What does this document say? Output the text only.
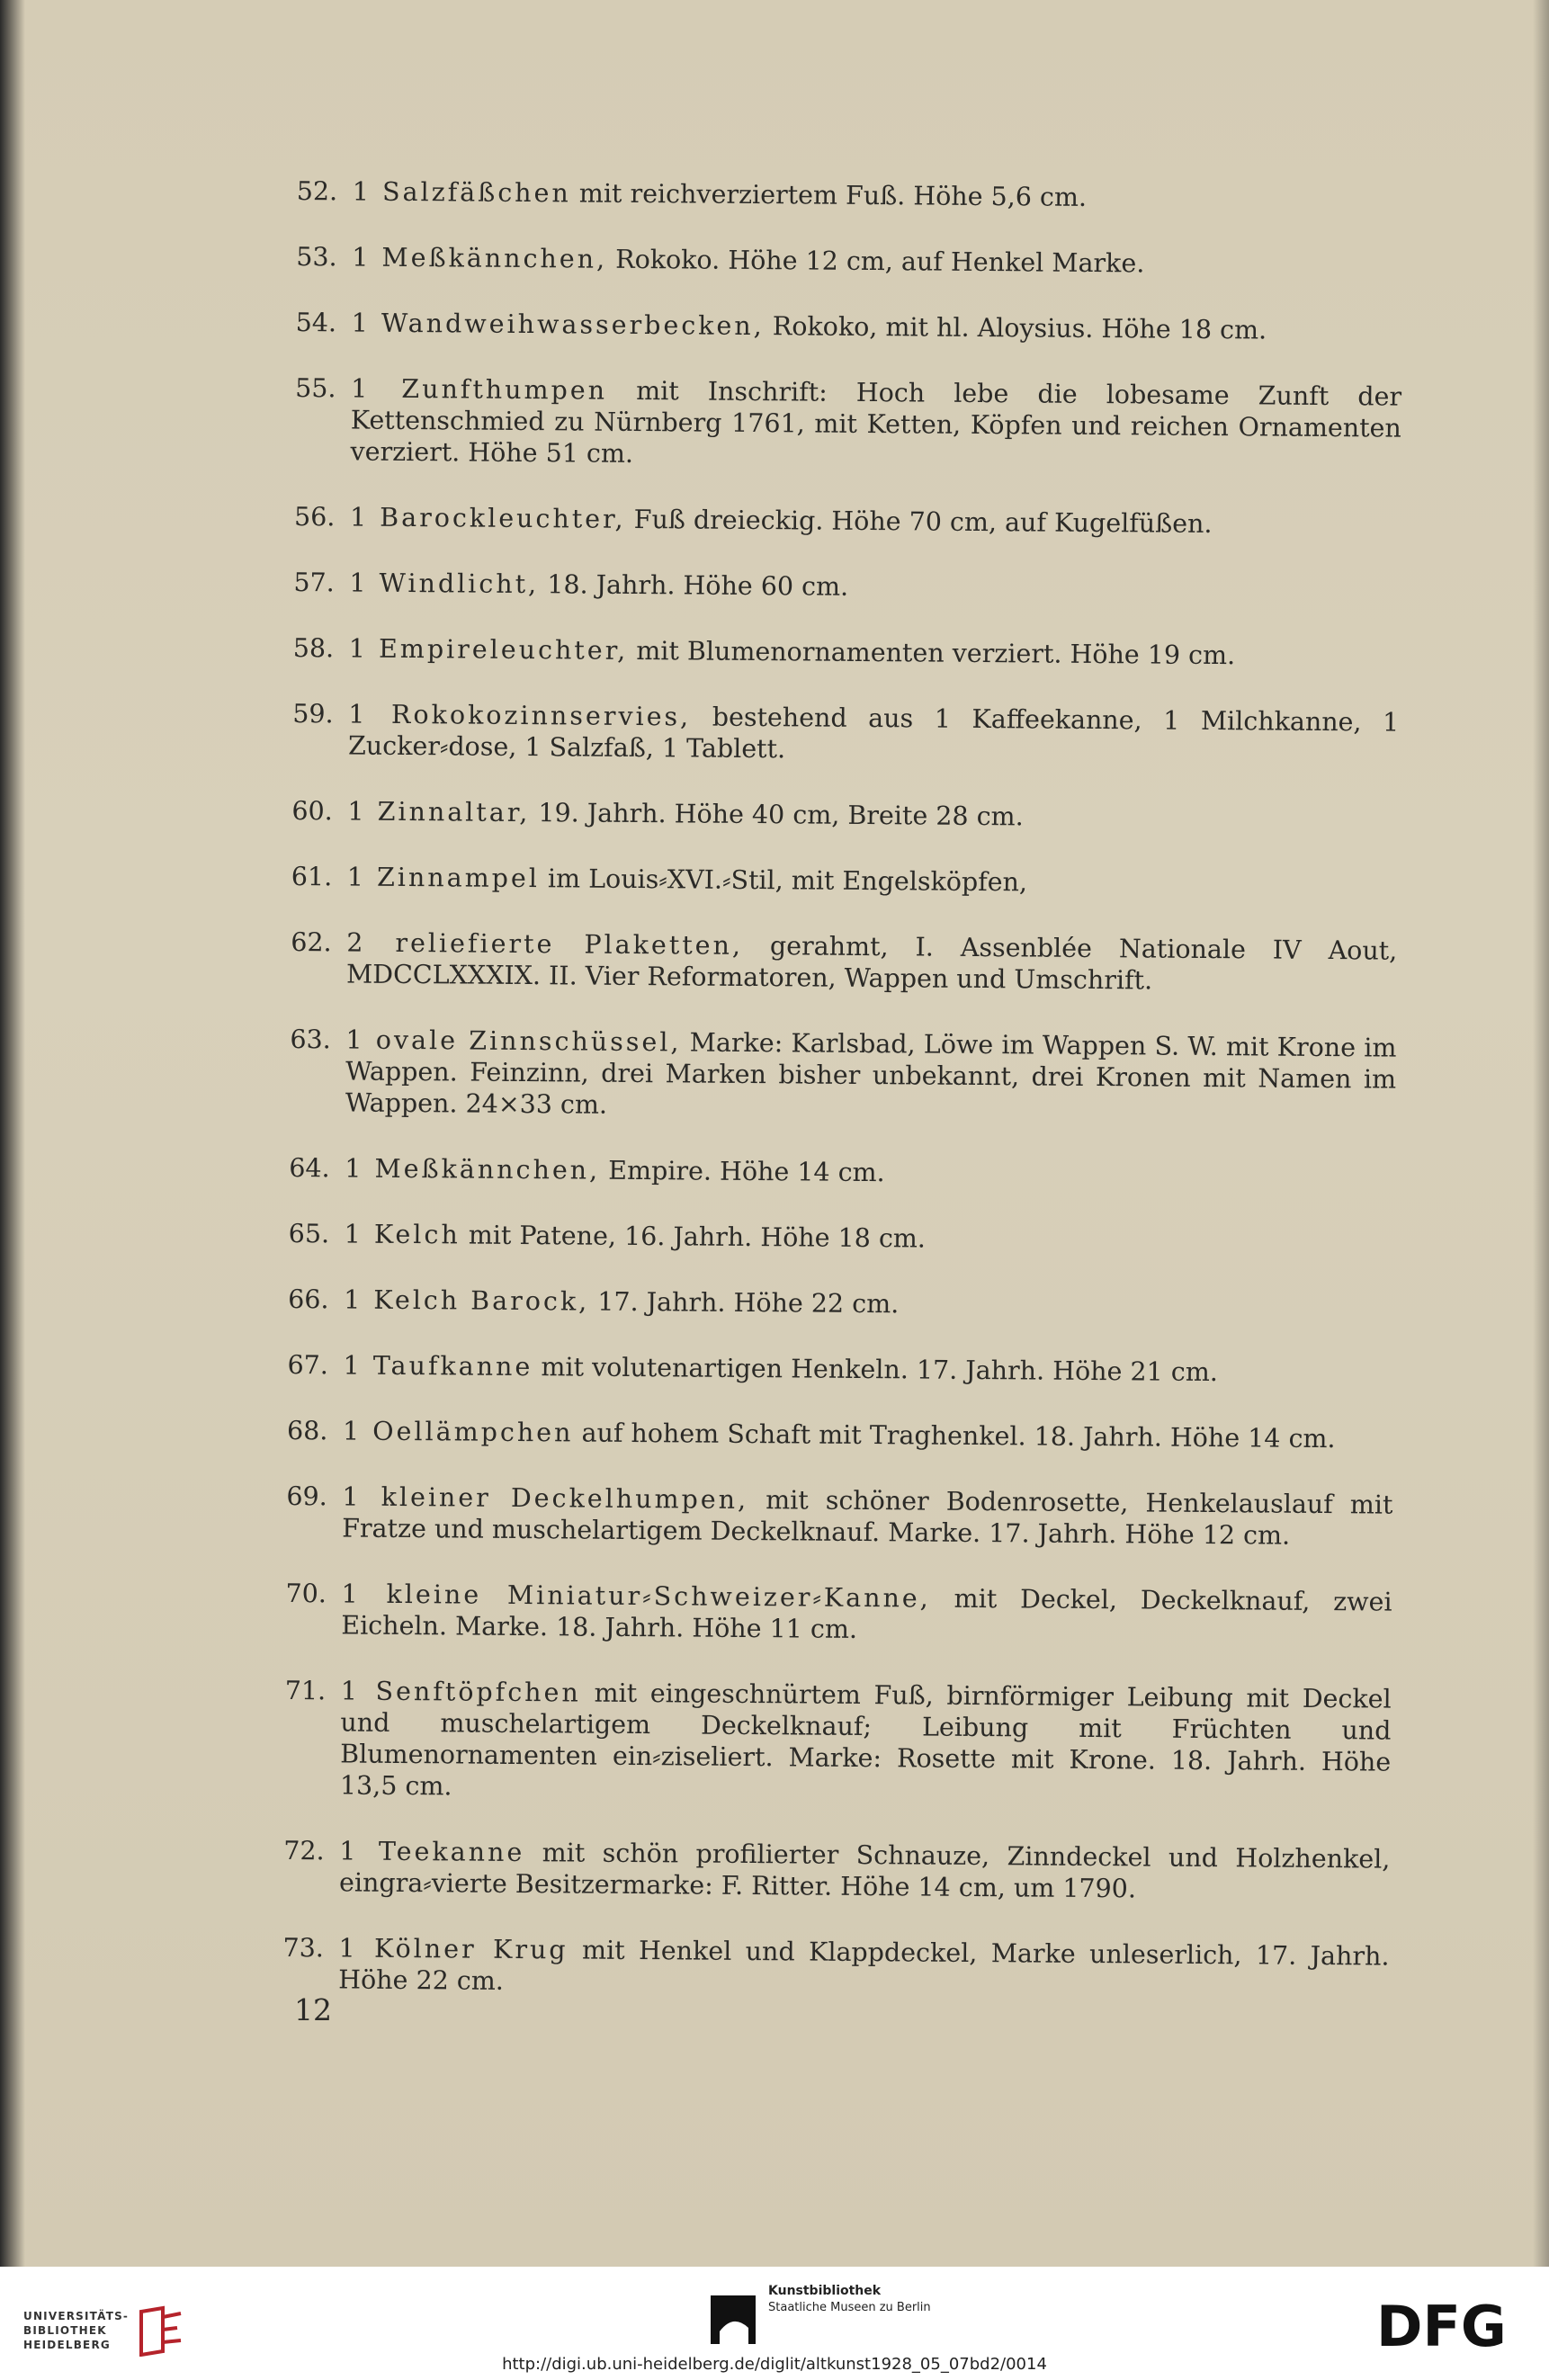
52. 1 Salzfäßchen mit reichverziertem Fuß. Höhe 5,6 cm.
53. 1 Meßkännchen, Rokoko. Höhe 12 cm, auf Henkel Marke.
54. 1 Wandweihwasserbecken, Rokoko, mit hl. Aloysius. Höhe 18 cm.
55. 1 Zunfthumpen mit Inschrift: Hoch lebe die lobesame Zunft der Kettenschmied zu Nürnberg 1761, mit Ketten, Köpfen und reichen Ornamenten verziert. Höhe 51 cm.
56. 1 Barockleuchter, Fuß dreieckig. Höhe 70 cm, auf Kugelfüßen.
57. 1 Windlicht, 18. Jahrh. Höhe 60 cm.
58. 1 Empireleuchter, mit Blumenornamenten verziert. Höhe 19 cm.
59. 1 Rokokozinnservies, bestehend aus 1 Kaffeekanne, 1 Milchkanne, 1 Zucker⸗dose, 1 Salzfaß, 1 Tablett.
60. 1 Zinnaltar, 19. Jahrh. Höhe 40 cm, Breite 28 cm.
61. 1 Zinnampel im Louis⸗XVI.⸗Stil, mit Engelsköpfen,
62. 2 reliefierte Plaketten, gerahmt, I. Assenblée Nationale IV Aout, MDCCLXXXIX. II. Vier Reformatoren, Wappen und Umschrift.
63. 1 ovale Zinnschüssel, Marke: Karlsbad, Löwe im Wappen S. W. mit Krone im Wappen. Feinzinn, drei Marken bisher unbekannt, drei Kronen mit Namen im Wappen. 24×33 cm.
64. 1 Meßkännchen, Empire. Höhe 14 cm.
65. 1 Kelch mit Patene, 16. Jahrh. Höhe 18 cm.
66. 1 Kelch Barock, 17. Jahrh. Höhe 22 cm.
67. 1 Taufkanne mit volutenartigen Henkeln. 17. Jahrh. Höhe 21 cm.
68. 1 Oellämpchen auf hohem Schaft mit Traghenkel. 18. Jahrh. Höhe 14 cm.
69. 1 kleiner Deckelhumpen, mit schöner Bodenrosette, Henkelauslauf mit Fratze und muschelartigem Deckelknauf. Marke. 17. Jahrh. Höhe 12 cm.
70. 1 kleine Miniatur⸗Schweizer⸗Kanne, mit Deckel, Deckelknauf, zwei Eicheln. Marke. 18. Jahrh. Höhe 11 cm.
71. 1 Senftöpfchen mit eingeschnürtem Fuß, birnförmiger Leibung mit Deckel und muschelartigem Deckelknauf; Leibung mit Früchten und Blumenornamenten ein⸗ziseliert. Marke: Rosette mit Krone. 18. Jahrh. Höhe 13,5 cm.
72. 1 Teekanne mit schön profilierter Schnauze, Zinndeckel und Holzhenkel, eingra⸗vierte Besitzermarke: F. Ritter. Höhe 14 cm, um 1790.
73. 1 Kölner Krug mit Henkel und Klappdeckel, Marke unleserlich, 17. Jahrh. Höhe 22 cm.
12
UNIVERSITÄTS-
BIBLIOTHEK
HEIDELBERG
Kunstbibliothek
Staatliche Museen zu Berlin	DFG
http://digi.ub.uni-heidelberg.de/diglit/altkunst1928_05_07bd2/0014
